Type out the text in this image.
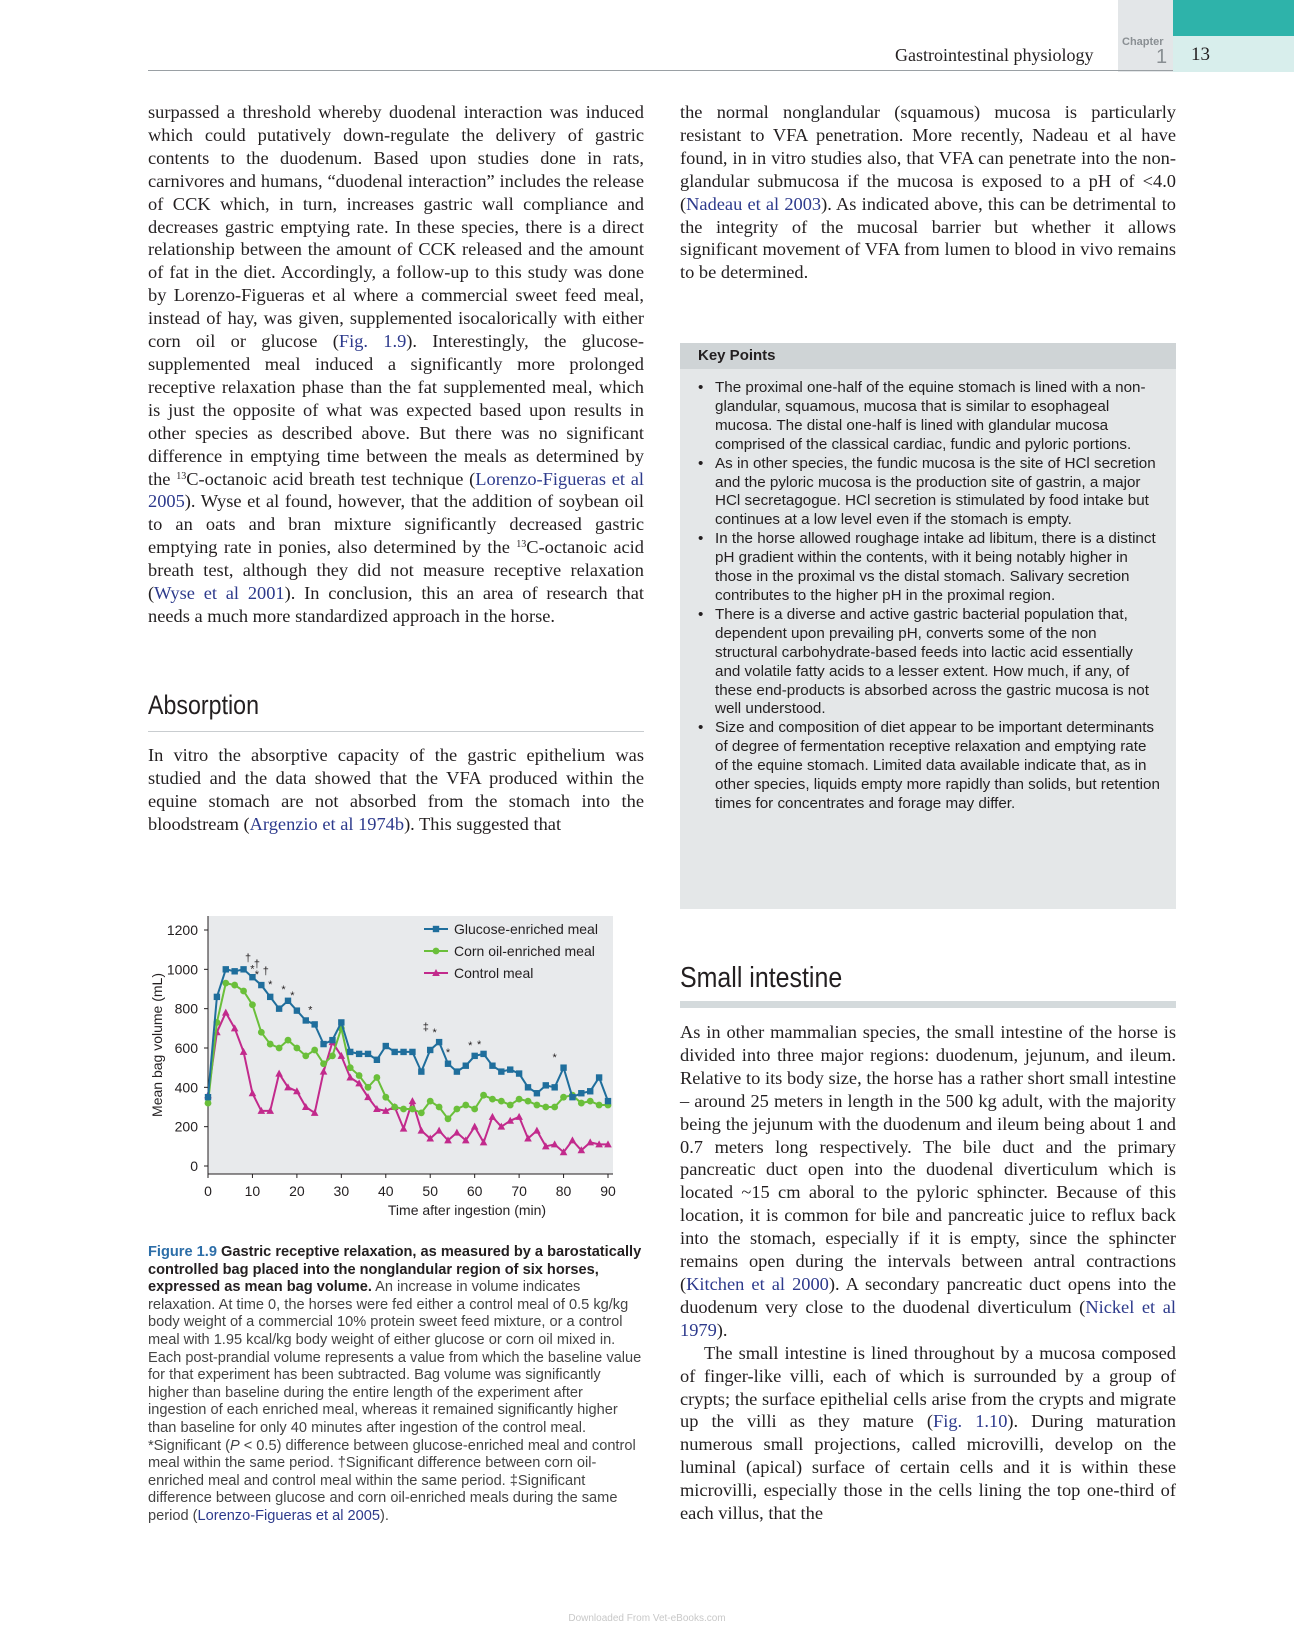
Chapter
1 13
Gastrointestinal physiology

surpassed a threshold whereby duodenal interaction was induced which could putatively down-regulate the delivery of gastric contents to the duodenum. Based upon studies done in rats, carnivores and humans, “duodenal interaction” includes the release of CCK which, in turn, increases gastric wall compliance and decreases gastric emptying rate. In these species, there is a direct relationship between the amount of CCK released and the amount of fat in the diet. Accordingly, a follow-up to this study was done by Lorenzo-Figueras et al where a commercial sweet feed meal, instead of hay, was given, supplemented isocalorically with either corn oil or glucose (Fig. 1.9). Interestingly, the glucose-supplemented meal induced a significantly more prolonged receptive relaxation phase than the fat supplemented meal, which is just the opposite of what was expected based upon results in other species as described above. But there was no significant difference in emptying time between the meals as determined by the $^{13}$C-octanoic acid breath test technique (Lorenzo-Figueras et al 2005). Wyse et al found, however, that the addition of soybean oil to an oats and bran mixture significantly decreased gastric emptying rate in ponies, also determined by the $^{13}$C-octanoic acid breath test, although they did not measure receptive relaxation (Wyse et al 2001). In conclusion, this an area of research that needs a much more standardized approach in the horse.

Absorption

In vitro the absorptive capacity of the gastric epithelium was studied and the data showed that the VFA produced within the equine stomach are not absorbed from the stomach into the bloodstream (Argenzio et al 1974b). This suggested that

0
200
400
600
800
1000
1200
0 10 20 30 40 50 60 70 80 90
† †
* * †
* * *
*
‡ *
*
* *
*
Glucose-enriched meal
Corn oil-enriched meal
Control meal
Time after ingestion (min)
Mean bag volume (mL)
Figure 1.9 Gastric receptive relaxation, as measured by a barostatically controlled bag placed into the nonglandular region of six horses, expressed as mean bag volume. An increase in volume indicates relaxation. At time 0, the horses were fed either a control meal of 0.5 kg/kg body weight of a commercial 10% protein sweet feed mixture, or a control meal with 1.95 kcal/kg body weight of either glucose or corn oil mixed in. Each post-prandial volume represents a value from which the baseline value for that experiment has been subtracted. Bag volume was significantly higher than baseline during the entire length of the experiment after ingestion of each enriched meal, whereas it remained significantly higher than baseline for only 40 minutes after ingestion of the control meal. *Significant (P < 0.5) difference between glucose-enriched meal and control meal within the same period. †Significant difference between corn oil-enriched meal and control meal within the same period. ‡Significant difference between glucose and corn oil-enriched meals during the same period (Lorenzo-Figueras et al 2005).

the normal nonglandular (squamous) mucosa is particularly resistant to VFA penetration. More recently, Nadeau et al have found, in in vitro studies also, that VFA can penetrate into the non-glandular submucosa if the mucosa is exposed to a pH of <4.0 (Nadeau et al 2003). As indicated above, this can be detrimental to the integrity of the mucosal barrier but whether it allows significant movement of VFA from lumen to blood in vivo remains to be determined.

Key Points
• The proximal one-half of the equine stomach is lined with a non-glandular, squamous, mucosa that is similar to esophageal mucosa. The distal one-half is lined with glandular mucosa comprised of the classical cardiac, fundic and pyloric portions.
• As in other species, the fundic mucosa is the site of HCl secretion and the pyloric mucosa is the production site of gastrin, a major HCl secretagogue. HCl secretion is stimulated by food intake but continues at a low level even if the stomach is empty.
• In the horse allowed roughage intake ad libitum, there is a distinct pH gradient within the contents, with it being notably higher in those in the proximal vs the distal stomach. Salivary secretion contributes to the higher pH in the proximal region.
• There is a diverse and active gastric bacterial population that, dependent upon prevailing pH, converts some of the non structural carbohydrate-based feeds into lactic acid essentially and volatile fatty acids to a lesser extent. How much, if any, of these end-products is absorbed across the gastric mucosa is not well understood.
• Size and composition of diet appear to be important determinants of degree of fermentation receptive relaxation and emptying rate of the equine stomach. Limited data available indicate that, as in other species, liquids empty more rapidly than solids, but retention times for concentrates and forage may differ.
Small intestine

As in other mammalian species, the small intestine of the horse is divided into three major regions: duodenum, jejunum, and ileum. Relative to its body size, the horse has a rather short small intestine – around 25 meters in length in the 500 kg adult, with the majority being the jejunum with the duodenum and ileum being about 1 and 0.7 meters long respectively. The bile duct and the primary pancreatic duct open into the duodenal diverticulum which is located ~15 cm aboral to the pyloric sphincter. Because of this location, it is common for bile and pancreatic juice to reflux back into the stomach, especially if it is empty, since the sphincter remains open during the intervals between antral contractions (Kitchen et al 2000). A secondary pancreatic duct opens into the duodenum very close to the duodenal diverticulum (Nickel et al 1979).

The small intestine is lined throughout by a mucosa composed of finger-like villi, each of which is surrounded by a group of crypts; the surface epithelial cells arise from the crypts and migrate up the villi as they mature (Fig. 1.10). During maturation numerous small projections, called microvilli, develop on the luminal (apical) surface of certain cells and it is within these microvilli, especially those in the cells lining the top one-third of each villus, that the

Downloaded From Vet-eBooks.com
